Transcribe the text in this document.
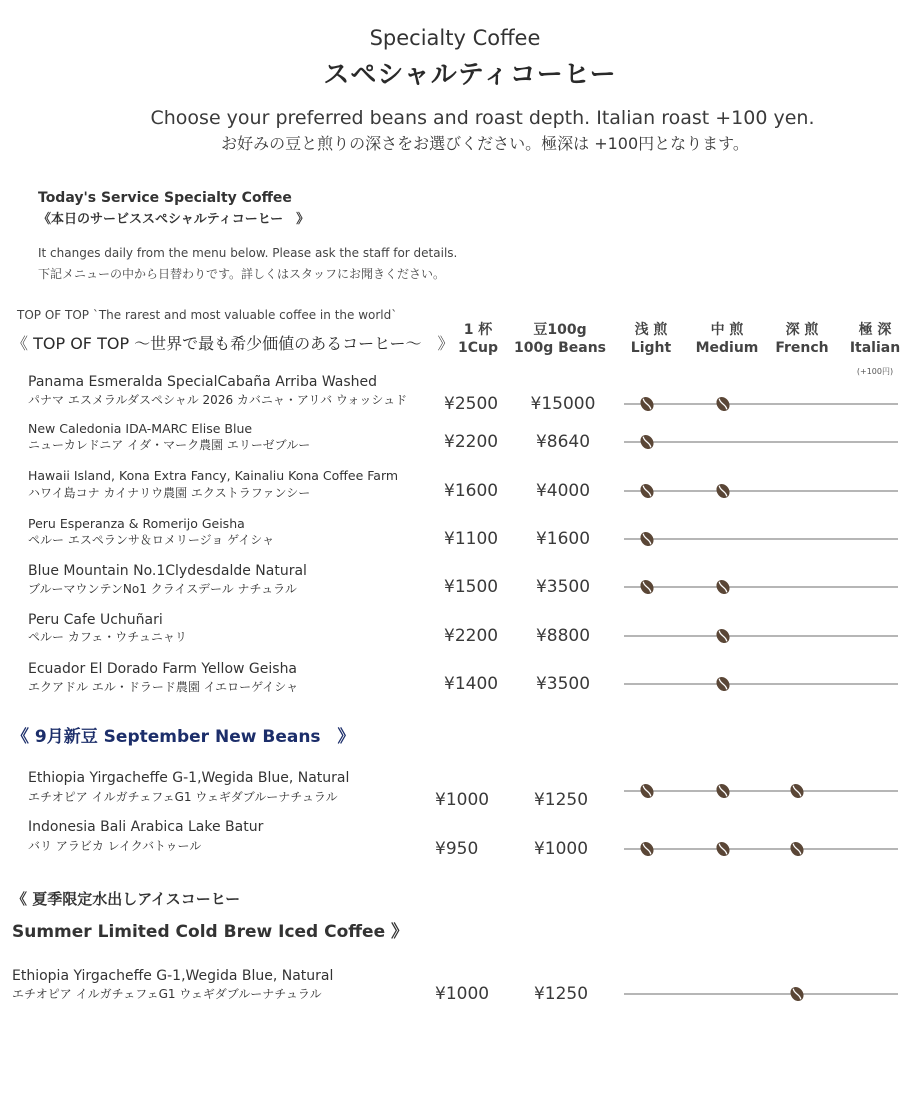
Specialty Coffee
スペシャルティコーヒー
Choose your preferred beans and roast depth. Italian roast +100 yen.
お好みの豆と煎りの深さをお選びください。極深は +100円となります。
Today's Service Specialty Coffee
《本日のサービススペシャルティコーヒー　》
It changes daily from the menu below. Please ask the staff for details.
下記メニューの中から日替わりです。詳しくはスタッフにお聞きください。
TOP OF TOP `The rarest and most valuable coffee in the world`
《 TOP OF TOP 〜世界で最も希少価値のあるコーヒー〜　》
1 杯
1Cup
豆100g
100g Beans
浅 煎
Light
中 煎
Medium
深 煎
French
極 深
Italian
(+100円)
《 9月新豆 September New Beans　》
《 夏季限定水出しアイスコーヒー
Summer Limited Cold Brew Iced Coffee 》
Panama Esmeralda SpecialCabaña Arriba Washed
パナマ エスメラルダスペシャル 2026 カバニャ・アリバ ウォッシュド ¥2500	¥15000
New Caledonia IDA-MARC Elise Blue
ニューカレドニア イダ・マーク農園 エリーゼブルー	¥2200	¥8640
Hawaii Island, Kona Extra Fancy, Kainaliu Kona Coffee Farm
ハワイ島コナ カイナリウ農園 エクストラファンシー	¥1600	¥4000
Peru Esperanza & Romerijo Geisha
ペルー エスペランサ＆ロメリージョ ゲイシャ	¥1100	¥1600
Blue Mountain No.1Clydesdalde Natural
ブルーマウンテンNo1 クライスデール ナチュラル	¥1500	¥3500
Peru Cafe Uchuñari
ペルー カフェ・ウチュニャリ	¥2200	¥8800
Ecuador El Dorado Farm Yellow Geisha
エクアドル エル・ドラード農園 イエローゲイシャ	¥1400	¥3500
Ethiopia Yirgacheffe G-1,Wegida Blue, Natural
エチオピア イルガチェフェG1 ウェギダブルーナチュラル	¥1000	¥1250
Indonesia Bali Arabica Lake Batur
バリ アラビカ レイクバトゥール	¥950	¥1000
Ethiopia Yirgacheffe G-1,Wegida Blue, Natural
エチオピア イルガチェフェG1 ウェギダブルーナチュラル	¥1000	¥1250
